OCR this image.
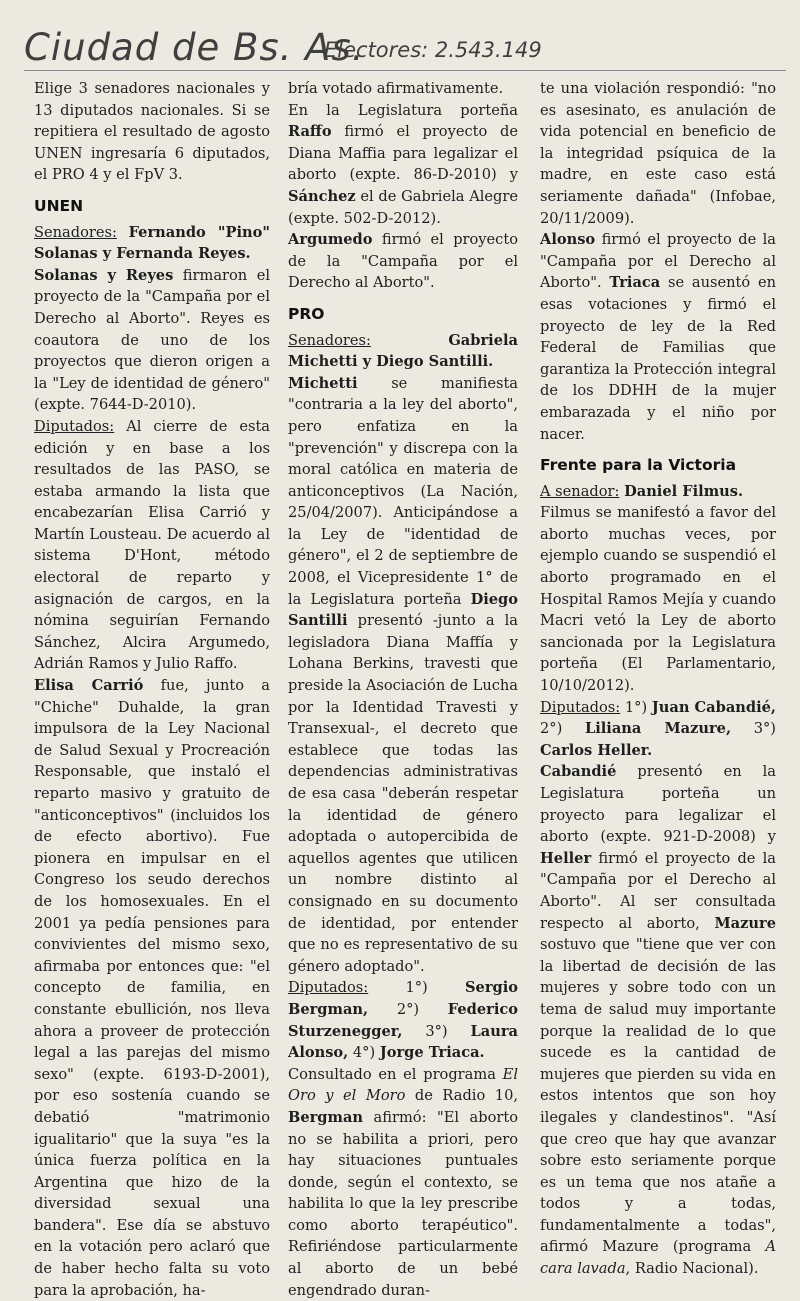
Ciudad de Bs. As.
Electores: 2.543.149

Elige 3 senadores nacionales y 13 diputados nacionales. Si se repitiera el resultado de agosto UNEN ingresaría 6 diputados, el PRO 4 y el FpV 3.

UNEN

Senadores: Fernando "Pino" Solanas y Fernanda Reyes.

Solanas y Reyes firmaron el proyecto de la "Campaña por el Derecho al Aborto". Reyes es coautora de uno de los proyectos que dieron origen a la "Ley de identidad de género" (expte. 7644-D-2010).

Diputados: Al cierre de esta edición y en base a los resultados de las PASO, se estaba armando la lista que encabezarían Elisa Carrió y Martín Lousteau. De acuerdo al sistema D'Hont, método electoral de reparto y asignación de cargos, en la nómina seguirían Fernando Sánchez, Alcira Argumedo, Adrián Ramos y Julio Raffo.

Elisa Carrió fue, junto a "Chiche" Duhalde, la gran impulsora de la Ley Nacional de Salud Sexual y Procreación Responsable, que instaló el reparto masivo y gratuito de "anticonceptivos" (incluidos los de efecto abortivo). Fue pionera en impulsar en el Congreso los seudo derechos de los homosexuales. En el 2001 ya pedía pensiones para convivientes del mismo sexo, afirmaba por entonces que: "el concepto de familia, en constante ebullición, nos lleva ahora a proveer de protección legal a las parejas del mismo sexo" (expte. 6193-D-2001), por eso sostenía cuando se debatió "matrimonio igualitario" que la suya "es la única fuerza política en la Argentina que hizo de la diversidad sexual una bandera". Ese día se abstuvo en la votación pero aclaró que de haber hecho falta su voto para la aprobación, ha-

bría votado afirmativamente.

En la Legislatura porteña Raffo firmó el proyecto de Diana Maffia para legalizar el aborto (expte. 86-D-2010) y Sánchez el de Gabriela Alegre (expte. 502-D-2012).

Argumedo firmó el proyecto de la "Campaña por el Derecho al Aborto".

PRO

Senadores:	Gabriela Michetti y Diego Santilli.

Michetti se manifiesta "contraria a la ley del aborto", pero enfatiza en la "prevención" y discrepa con la moral católica en materia de anticonceptivos (La Nación, 25/04/2007). Anticipándose a la Ley de "identidad de género", el 2 de septiembre de 2008, el Vicepresidente 1° de la Legislatura porteña Diego Santilli presentó -junto a la legisladora Diana Maffía y Lohana Berkins, travesti que preside la Asociación de Lucha por la Identidad Travesti y Transexual-, el decreto que establece que todas las dependencias administrativas de esa casa "deberán respetar la identidad de género adoptada o autopercibida de aquellos agentes que utilicen un nombre distinto al consignado en su documento de identidad, por entender que no es representativo de su género adoptado".

Diputados:	1°)	Sergio Bergman, 2°) Federico Sturzenegger, 3°) Laura Alonso, 4°) Jorge Triaca.

Consultado en el programa El Oro y el Moro de Radio 10, Bergman afirmó: "El aborto no se habilita a priori, pero hay situaciones puntuales donde, según el contexto, se habilita lo que la ley prescribe como aborto terapéutico". Refiriéndose particularmente al aborto de un bebé engendrado duran-

te una violación respondió: "no es asesinato, es anulación de vida potencial en beneficio de la integridad psíquica de la madre, en este caso está seriamente dañada" (Infobae, 20/11/2009).

Alonso firmó el proyecto de la "Campaña por el Derecho al Aborto". Triaca se ausentó en esas votaciones y firmó el proyecto de ley de la Red Federal de Familias que garantiza la Protección integral de los DDHH de la mujer embarazada y el niño por nacer.

Frente para la Victoria

A senador: Daniel Filmus.

Filmus se manifestó a favor del aborto muchas veces, por ejemplo cuando se suspendió el aborto programado en el Hospital Ramos Mejía y cuando Macri vetó la Ley de aborto sancionada por la Legislatura porteña (El Parlamentario, 10/10/2012).

Diputados: 1°) Juan Cabandié, 2°) Liliana Mazure, 3°) Carlos Heller.

Cabandié presentó en la Legislatura porteña un proyecto para legalizar el aborto (expte. 921-D-2008) y Heller firmó el proyecto de la "Campaña por el Derecho al Aborto". Al ser consultada respecto al aborto, Mazure sostuvo que "tiene que ver con la libertad de decisión de las mujeres y sobre todo con un tema de salud muy importante porque la realidad de lo que sucede es la cantidad de mujeres que pierden su vida en estos intentos que son hoy ilegales y clandestinos". "Así que creo que hay que avanzar sobre esto seriamente porque es un tema que nos atañe a todos y a todas, fundamentalmente a todas", afirmó Mazure (programa A cara lavada, Radio Nacional).
